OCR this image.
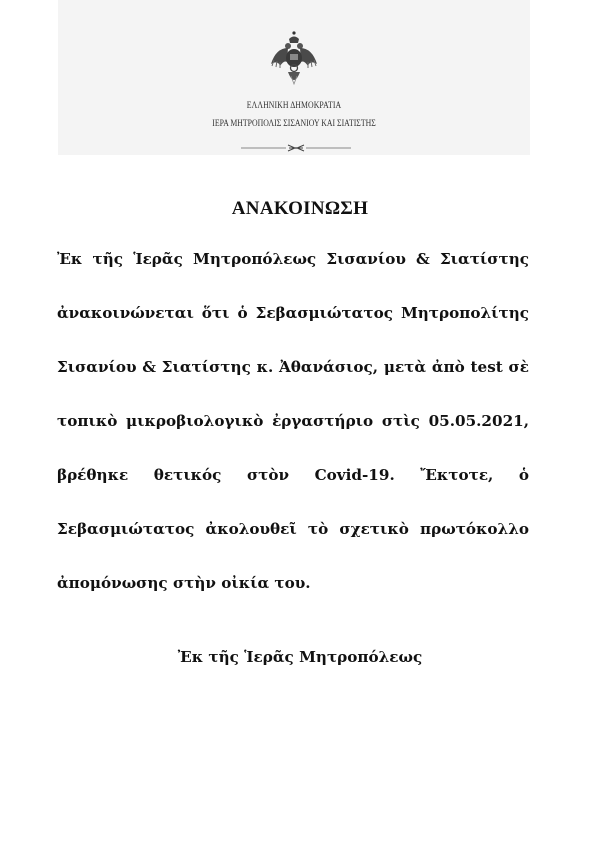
ΕΛΛΗΝΙΚΗ ΔΗΜΟΚΡΑΤΙΑ
ΙΕΡΑ ΜΗΤΡΟΠΟΛΙΣ ΣΙΣΑΝΙΟΥ ΚΑΙ ΣΙΑΤΙΣΤΗΣ
ΑΝΑΚΟΙΝΩΣΗ
Ἐκ τῆς Ἱερᾶς Μητροπόλεως Σισανίου & Σιατίστης
ἀνακοινώνεται ὅτι ὁ Σεβασμιώτατος Μητροπολίτης
Σισανίου & Σιατίστης κ. Ἀθανάσιος, μετὰ ἀπὸ test σὲ
τοπικὸ μικροβιολογικὸ ἐργαστήριο στὶς 05.05.2021,
βρέθηκε θετικός στὸν Covid-19. Ἔκτοτε, ὁ
Σεβασμιώτατος ἀκολουθεῖ τὸ σχετικὸ πρωτόκολλο
ἀπομόνωσης στὴν οἰκία του.
Ἐκ τῆς Ἱερᾶς Μητροπόλεως
